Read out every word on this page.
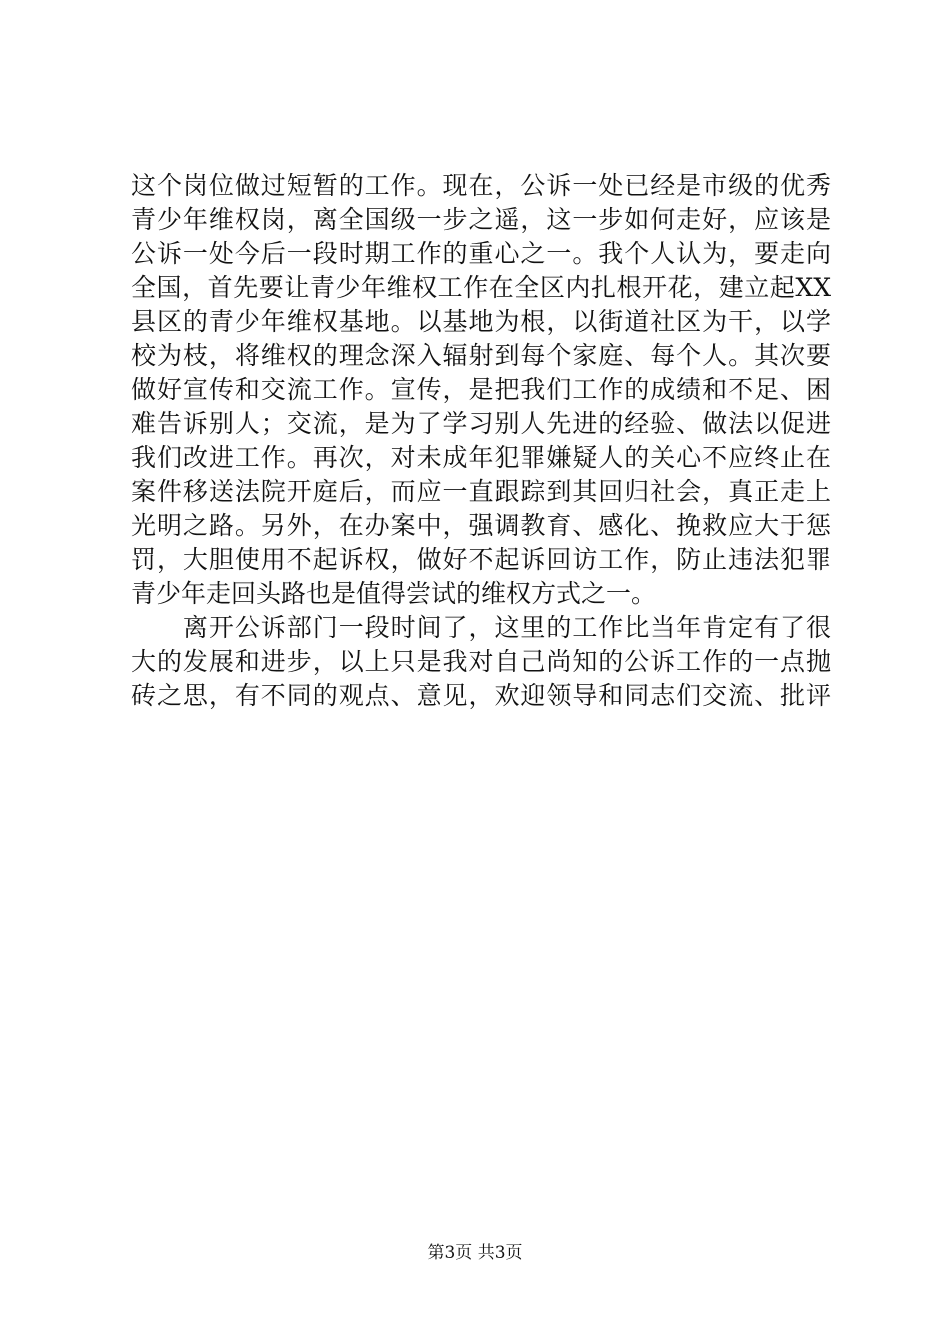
这个岗位做过短暂的工作。现在，公诉一处已经是市级的优秀
青少年维权岗，离全国级一步之遥，这一步如何走好，应该是
公诉一处今后一段时期工作的重心之一。我个人认为，要走向
全国，首先要让青少年维权工作在全区内扎根开花，建立起XX
县区的青少年维权基地。以基地为根，以街道社区为干，以学
校为枝，将维权的理念深入辐射到每个家庭、每个人。其次要
做好宣传和交流工作。宣传，是把我们工作的成绩和不足、困
难告诉别人；交流，是为了学习别人先进的经验、做法以促进
我们改进工作。再次，对未成年犯罪嫌疑人的关心不应终止在
案件移送法院开庭后，而应一直跟踪到其回归社会，真正走上
光明之路。另外，在办案中，强调教育、感化、挽救应大于惩
罚，大胆使用不起诉权，做好不起诉回访工作，防止违法犯罪
青少年走回头路也是值得尝试的维权方式之一。
　　离开公诉部门一段时间了，这里的工作比当年肯定有了很
大的发展和进步，以上只是我对自己尚知的公诉工作的一点抛
砖之思，有不同的观点、意见，欢迎领导和同志们交流、批评
第3页 共3页
